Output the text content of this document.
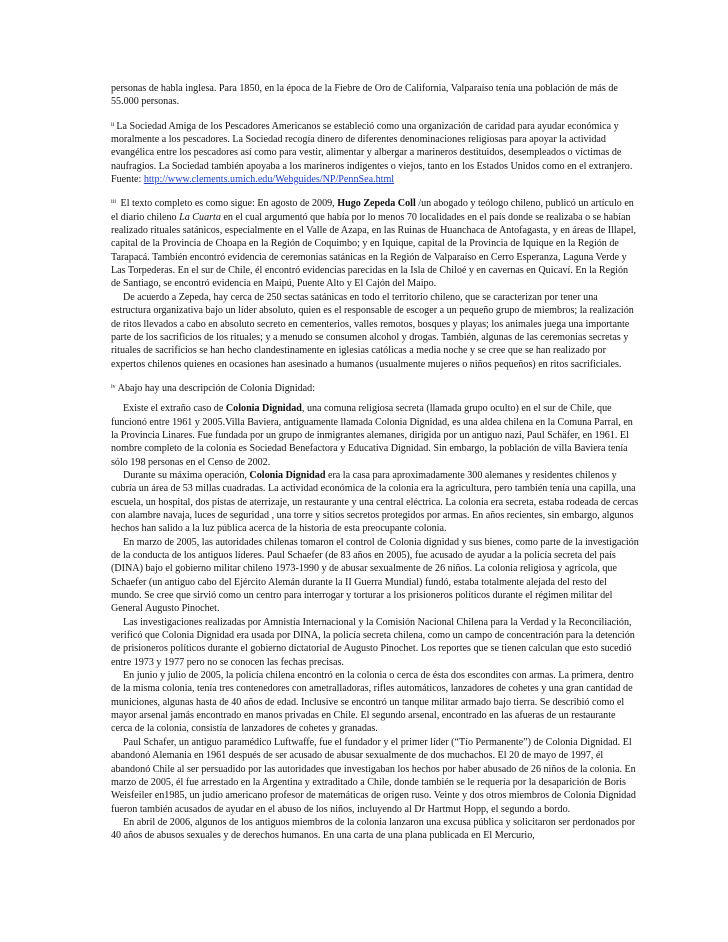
personas de habla inglesa. Para 1850, en la época de la Fiebre de Oro de California, Valparaíso tenía una población de más de 55.000 personas.

$^{ii}$ La Sociedad Amiga de los Pescadores Americanos se estableció como una organización de caridad para ayudar económica y moralmente a los pescadores. La Sociedad recogía dinero de diferentes denominaciones religiosas para apoyar la actividad evangélica entre los pescadores así como para vestir, alimentar y albergar a marineros destituidos, desempleados o víctimas de naufragios. La Sociedad también apoyaba a los marineros indigentes o viejos, tanto en los Estados Unidos como en el extranjero. Fuente: http://www.clements.umich.edu/Webguides/NP/PennSea.html

$^{iii}$ El texto completo es como sigue: En agosto de 2009, Hugo Zepeda Coll /un abogado y teólogo chileno, publicó un artículo en el diario chileno La Cuarta en el cual argumentó que había por lo menos 70 localidades en el país donde se realizaba o se habían realizado rituales satánicos, especialmente en el Valle de Azapa, en las Ruinas de Huanchaca de Antofagasta, y en áreas de Illapel, capital de la Provincia de Choapa en la Región de Coquimbo; y en Iquique, capital de la Provincia de Iquique en la Región de Tarapacá. También encontró evidencia de ceremonias satánicas en la Región de Valparaíso en Cerro Esperanza, Laguna Verde y Las Torpederas. En el sur de Chile, él encontró evidencias parecidas en la Isla de Chiloé y en cavernas en Quicaví. En la Región de Santiago, se encontró evidencia en Maipú, Puente Alto y El Cajón del Maipo.

De acuerdo a Zepeda, hay cerca de 250 sectas satánicas en todo el territorio chileno, que se caracterizan por tener una estructura organizativa bajo un líder absoluto, quien es el responsable de escoger a un pequeño grupo de miembros; la realización de ritos llevados a cabo en absoluto secreto en cementerios, valles remotos, bosques y playas; los animales juega una importante parte de los sacrificios de los rituales; y a menudo se consumen alcohol y drogas. También, algunas de las ceremonias secretas y rituales de sacrificios se han hecho clandestinamente en iglesias católicas a media noche y se cree que se han realizado por expertos chilenos quienes en ocasiones han asesinado a humanos (usualmente mujeres o niños pequeños) en ritos sacrificiales.

$^{iv}$ Abajo hay una descripción de Colonia Dignidad:

Existe el extraño caso de Colonia Dignidad, una comuna religiosa secreta (llamada grupo oculto) en el sur de Chile, que funcionó entre 1961 y 2005.Villa Baviera, antiguamente llamada Colonia Dignidad, es una aldea chilena en la Comuna Parral, en la Provincia Linares. Fue fundada por un grupo de inmigrantes alemanes, dirigida por un antiguo nazi, Paul Schäfer, en 1961. El nombre completo de la colonia es Sociedad Benefactora y Educativa Dignidad. Sin embargo, la población de villa Baviera tenía sólo 198 personas en el Censo de 2002.

Durante su máxima operación, Colonia Dignidad era la casa para aproximadamente 300 alemanes y residentes chilenos y cubría un área de 53 millas cuadradas. La actividad económica de la colonia era la agricultura, pero también tenía una capilla, una escuela, un hospital, dos pistas de aterrizaje, un restaurante y una central eléctrica. La colonia era secreta, estaba rodeada de cercas con alambre navaja, luces de seguridad , una torre y sitios secretos protegidos por armas. En años recientes, sin embargo, algunos hechos han salido a la luz pública acerca de la historia de esta preocupante colonia.

En marzo de 2005, las autoridades chilenas tomaron el control de Colonia dignidad y sus bienes, como parte de la investigación de la conducta de los antiguos líderes. Paul Schaefer (de 83 años en 2005), fue acusado de ayudar a la policía secreta del país (DINA) bajo el gobierno militar chileno 1973-1990 y de abusar sexualmente de 26 niños. La colonia religiosa y agrícola, que Schaefer (un antiguo cabo del Ejército Alemán durante la II Guerra Mundial) fundó, estaba totalmente alejada del resto del mundo. Se cree que sirvió como un centro para interrogar y torturar a los prisioneros políticos durante el régimen militar del General Augusto Pinochet.

Las investigaciones realizadas por Amnistía Internacional y la Comisión Nacional Chilena para la Verdad y la Reconciliación, verificó que Colonia Dignidad era usada por DINA, la policía secreta chilena, como un campo de concentración para la detención de prisioneros políticos durante el gobierno dictatorial de Augusto Pinochet. Los reportes que se tienen calculan que esto sucedió entre 1973 y 1977 pero no se conocen las fechas precisas.

En junio y julio de 2005, la policía chilena encontró en la colonia o cerca de ésta dos escondites con armas. La primera, dentro de la misma colonia, tenía tres contenedores con ametralladoras, rifles automáticos, lanzadores de cohetes y una gran cantidad de municiones, algunas hasta de 40 años de edad. Inclusive se encontró un tanque militar armado bajo tierra. Se describió como el mayor arsenal jamás encontrado en manos privadas en Chile. El segundo arsenal, encontrado en las afueras de un restaurante cerca de la colonia, consistía de lanzadores de cohetes y granadas.

Paul Schafer, un antiguo paramédico Luftwaffe, fue el fundador y el primer líder (“Tío Permanente”) de Colonia Dignidad. El abandonó Alemania en 1961 después de ser acusado de abusar sexualmente de dos muchachos. El 20 de mayo de 1997, él abandonó Chile al ser persuadido por las autoridades que investigaban los hechos por haber abusado de 26 niños de la colonia. En marzo de 2005, él fue arrestado en la Argentina y extraditado a Chile, donde también se le requería por la desaparición de Boris Weisfeiler en1985, un judío americano profesor de matemáticas de origen ruso. Veinte y dos otros miembros de Colonia Dignidad fueron también acusados de ayudar en el abuso de los niños, incluyendo al Dr Hartmut Hopp, el segundo a bordo.

En abril de 2006, algunos de los antiguos miembros de la colonia lanzaron una excusa pública y solicitaron ser perdonados por 40 años de abusos sexuales y de derechos humanos. En una carta de una plana publicada en El Mercurio,
